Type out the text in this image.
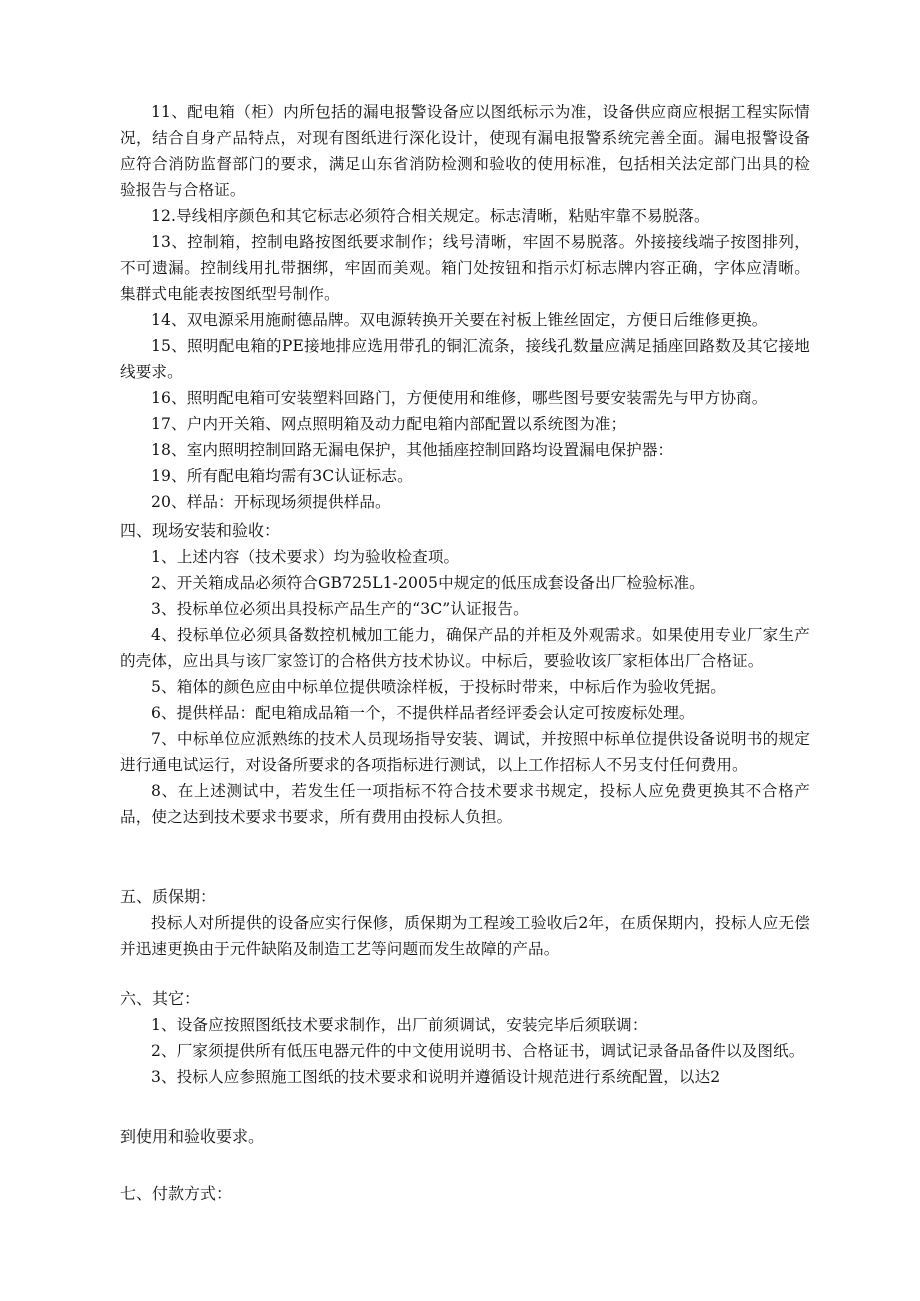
11、配电箱（柜）内所包括的漏电报警设备应以图纸标示为准，设备供应商应根据工程实际情况，结合自身产品特点，对现有图纸进行深化设计，使现有漏电报警系统完善全面。漏电报警设备应符合消防监督部门的要求，满足山东省消防检测和验收的使用标准，包括相关法定部门出具的检验报告与合格证。

12.导线相序颜色和其它标志必须符合相关规定。标志清晰，粘贴牢靠不易脱落。

13、控制箱，控制电路按图纸要求制作；线号清晰，牢固不易脱落。外接接线端子按图排列，不可遗漏。控制线用扎带捆绑，牢固而美观。箱门处按钮和指示灯标志牌内容正确，字体应清晰。集群式电能表按图纸型号制作。

14、双电源采用施耐德品牌。双电源转换开关要在衬板上锥丝固定，方便日后维修更换。

15、照明配电箱的PE接地排应选用带孔的铜汇流条，接线孔数量应满足插座回路数及其它接地线要求。

16、照明配电箱可安装塑料回路门，方便使用和维修，哪些图号要安装需先与甲方协商。

17、户内开关箱、网点照明箱及动力配电箱内部配置以系统图为准；

18、室内照明控制回路无漏电保护，其他插座控制回路均设置漏电保护器：

19、所有配电箱均需有3C认证标志。

20、样品：开标现场须提供样品。

四、现场安装和验收：

1、上述内容（技术要求）均为验收检查项。

2、开关箱成品必须符合GB725L1-2005中规定的低压成套设备出厂检验标准。

3、投标单位必须出具投标产品生产的“3C”认证报告。

4、投标单位必须具备数控机械加工能力，确保产品的并柜及外观需求。如果使用专业厂家生产的壳体，应出具与该厂家签订的合格供方技术协议。中标后，要验收该厂家柜体出厂合格证。

5、箱体的颜色应由中标单位提供喷涂样板，于投标时带来，中标后作为验收凭据。

6、提供样品：配电箱成品箱一个，不提供样品者经评委会认定可按废标处理。

7、中标单位应派熟练的技术人员现场指导安装、调试，并按照中标单位提供设备说明书的规定进行通电试运行，对设备所要求的各项指标进行测试，以上工作招标人不另支付任何费用。

8、在上述测试中，若发生任一项指标不符合技术要求书规定，投标人应免费更换其不合格产品，使之达到技术要求书要求，所有费用由投标人负担。

五、质保期：

投标人对所提供的设备应实行保修，质保期为工程竣工验收后2年，在质保期内，投标人应无偿并迅速更换由于元件缺陷及制造工艺等问题而发生故障的产品。

六、其它：

1、设备应按照图纸技术要求制作，出厂前须调试，安装完毕后须联调：

2、厂家须提供所有低压电器元件的中文使用说明书、合格证书，调试记录备品备件以及图纸。

3、投标人应参照施工图纸的技术要求和说明并遵循设计规范进行系统配置，以达2

到使用和验收要求。

七、付款方式：
